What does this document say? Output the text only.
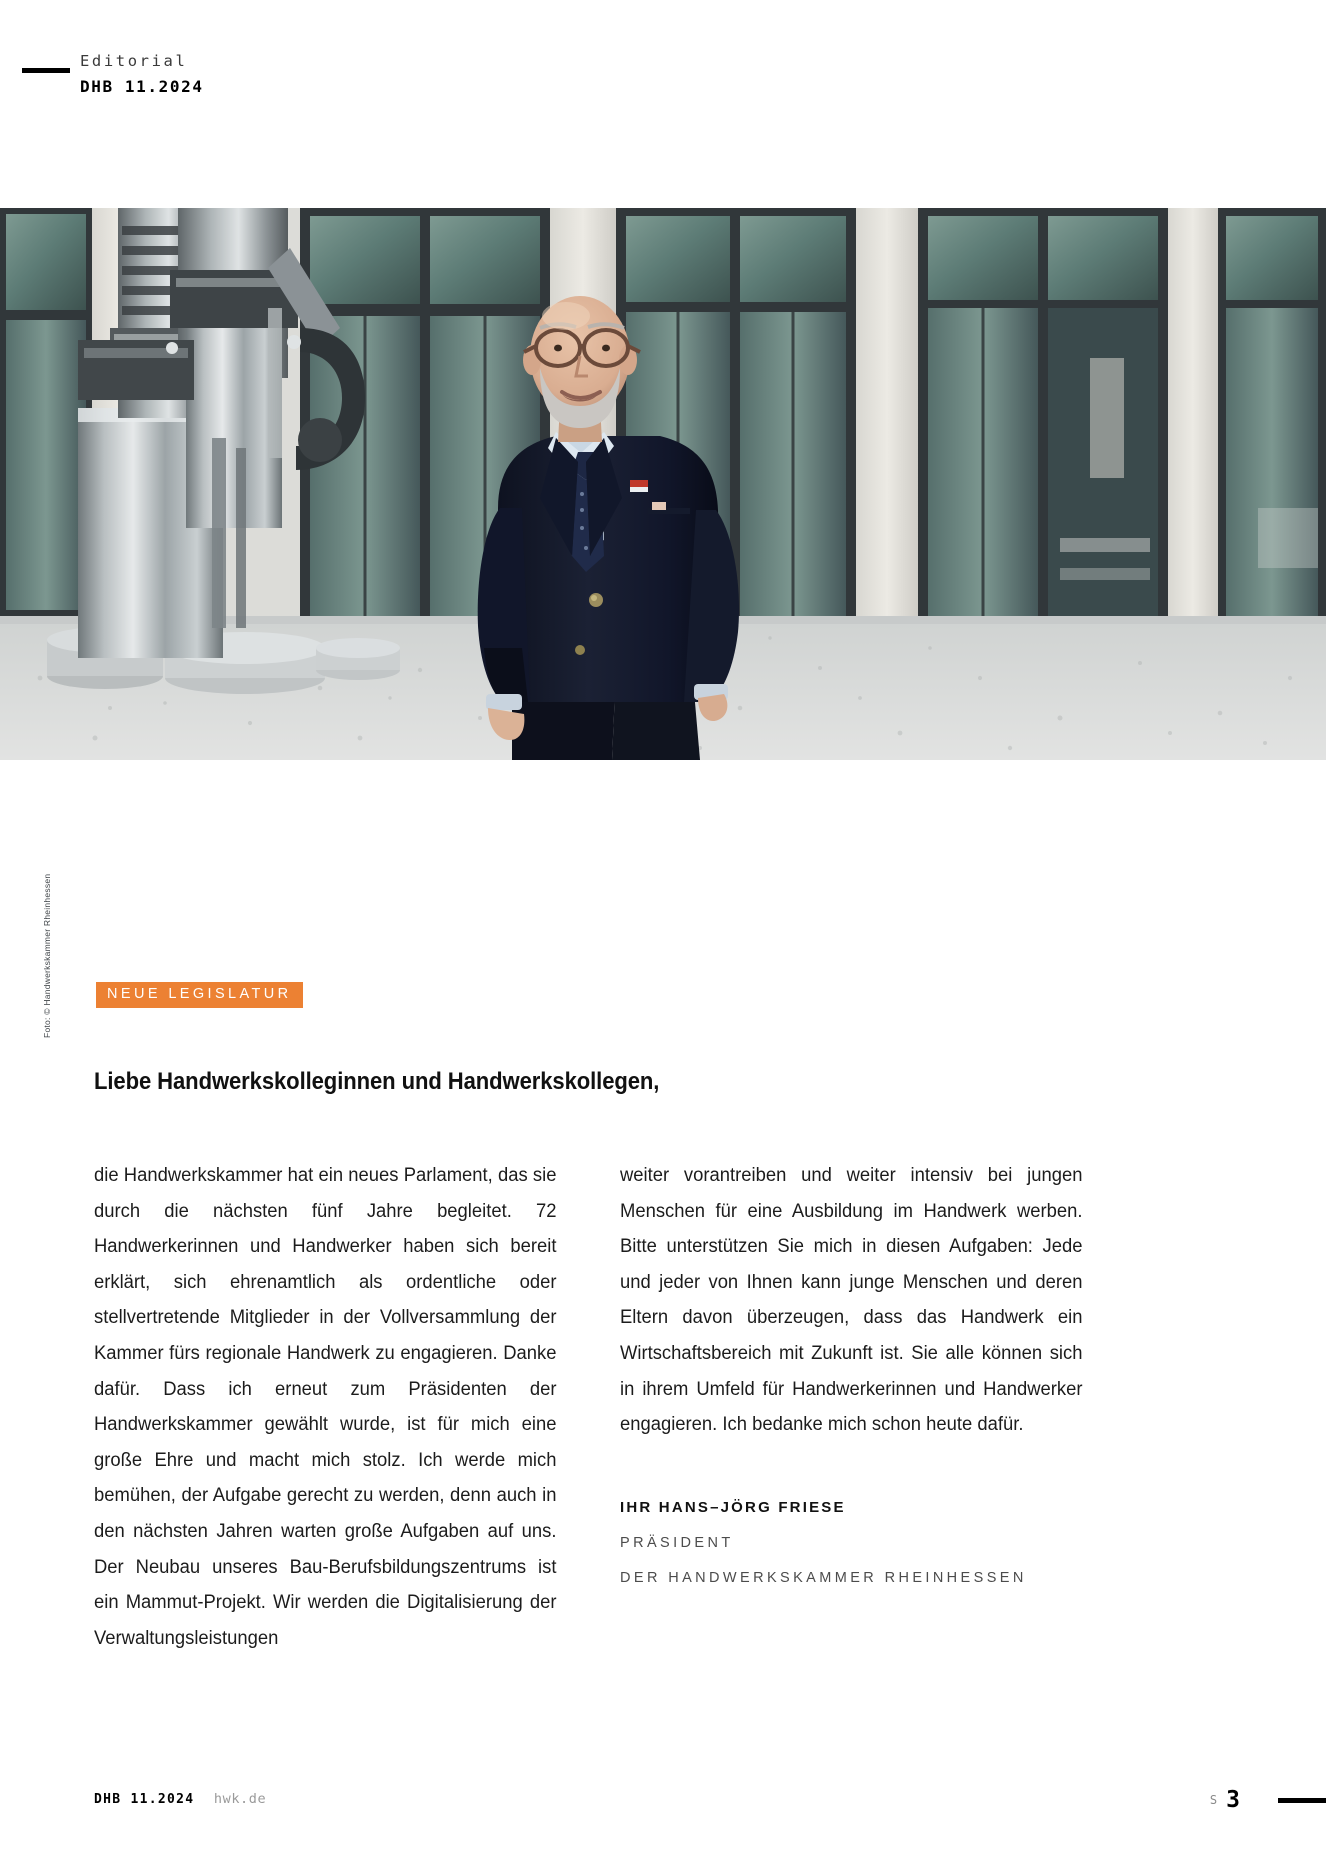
Editorial
DHB 11.2024
Foto: © Handwerkskammer Rheinhessen	NEUE LEGISLATUR
Liebe Handwerkskolleginnen und Handwerkskollegen,
die Handwerkskammer hat ein neues Parlament, das sie durch die nächsten fünf Jahre begleitet. 72 Handwerkerinnen und Handwerker haben sich bereit erklärt, sich ehrenamtlich als ordentliche oder stellvertretende Mitglieder in der Vollversammlung der Kammer fürs regionale Handwerk zu engagieren. Danke dafür. Dass ich erneut zum Präsidenten der Handwerkskammer gewählt wurde, ist für mich eine große Ehre und macht mich stolz. Ich werde mich bemühen, der Aufgabe gerecht zu werden, denn auch in den nächsten Jahren warten große Aufgaben auf uns. Der Neubau unseres Bau-Berufsbildungszentrums ist ein Mammut-Projekt. Wir werden die Digitalisierung der Verwaltungsleistungen
weiter vorantreiben und weiter intensiv bei jungen Menschen für eine Ausbildung im Handwerk werben. Bitte unterstützen Sie mich in diesen Aufgaben: Jede und jeder von Ihnen kann junge Menschen und deren Eltern davon überzeugen, dass das Handwerk ein Wirtschaftsbereich mit Zukunft ist. Sie alle können sich in ihrem Umfeld für Handwerkerinnen und Handwerker engagieren. Ich bedanke mich schon heute dafür.
IHR HANS–JÖRG FRIESE
PRÄSIDENT
DER HANDWERKSKAMMER RHEINHESSEN
DHB 11.2024 hwk.de	S 3
